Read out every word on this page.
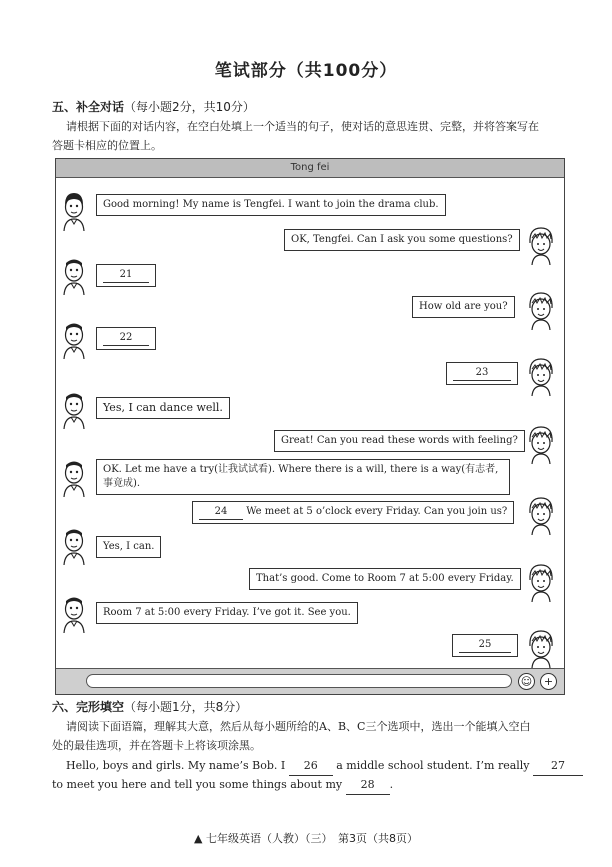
笔试部分（共100分）
五、补全对话（每小题2分，共10分）
请根据下面的对话内容，在空白处填上一个适当的句子，使对话的意思连贯、完整，并将答案写在
答题卡相应的位置上。
Tong fei
Good morning! My name is Tengfei. I want to join the drama club.
OK, Tengfei. Can I ask you some questions?
21
How old are you?
22
23
Yes, I can dance well.
Great! Can you read these words with feeling?
OK. Let me have a try(让我试试看). Where there is a will, there is a way(有志者,事竟成).
24 We meet at 5 o’clock every Friday. Can you join us?
Yes, I can.
That’s good. Come to Room 7 at 5:00 every Friday.
Room 7 at 5:00 every Friday. I’ve got it. See you.
25
☺	+
六、完形填空（每小题1分，共8分）
请阅读下面语篇，理解其大意，然后从每小题所给的A、B、C三个选项中，选出一个能填入空白
处的最佳选项，并在答题卡上将该项涂黑。
Hello, boys and girls. My name’s Bob. I 26 a middle school student. I’m really 27
to meet you here and tell you some things about my 28 .
▲ 七年级英语（人教）（三）　第3页（共8页）
